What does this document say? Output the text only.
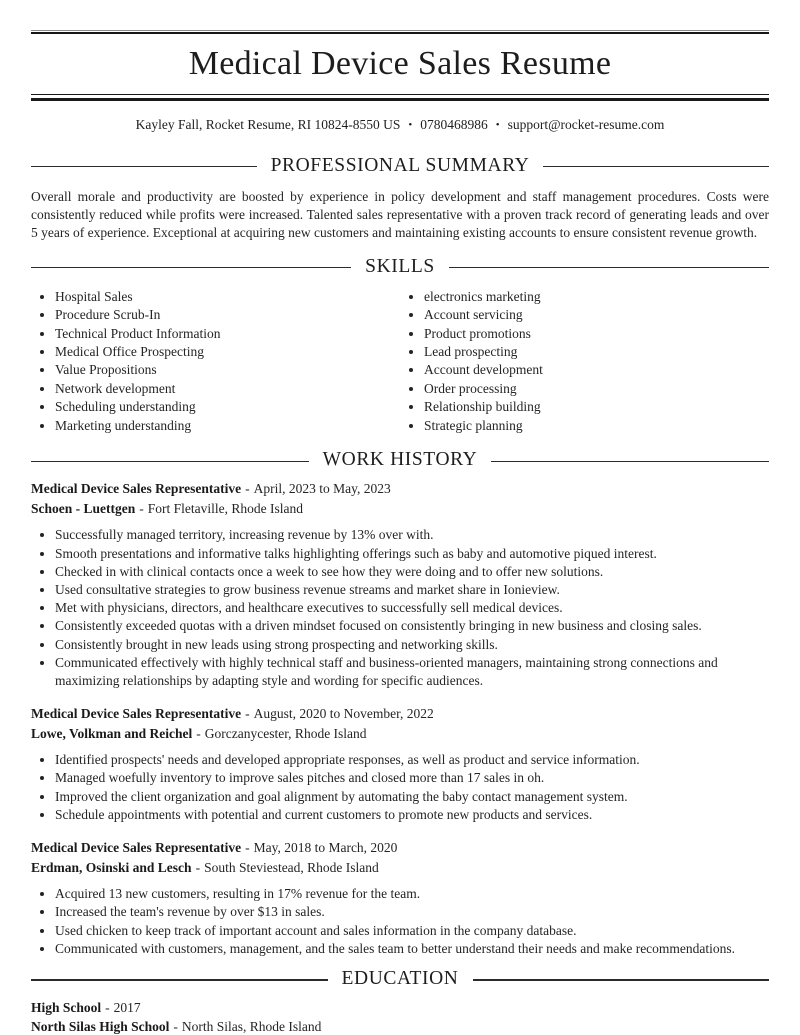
Medical Device Sales Resume
Kayley Fall, Rocket Resume, RI 10824-8550 US • 0780468986 • support@rocket-resume.com
PROFESSIONAL SUMMARY

Overall morale and productivity are boosted by experience in policy development and staff management procedures. Costs were consistently reduced while profits were increased. Talented sales representative with a proven track record of generating leads and over 5 years of experience. Exceptional at acquiring new customers and maintaining existing accounts to ensure consistent revenue growth.

SKILLS
• Hospital Sales
• Procedure Scrub-In
• Technical Product Information
• Medical Office Prospecting
• Value Propositions
• Network development
• Scheduling understanding
• Marketing understanding
• electronics marketing
• Account servicing
• Product promotions
• Lead prospecting
• Account development
• Order processing
• Relationship building
• Strategic planning
WORK HISTORY
Medical Device Sales Representative - April, 2023 to May, 2023
Schoen - Luettgen - Fort Fletaville, Rhode Island
• Successfully managed territory, increasing revenue by 13% over with.
• Smooth presentations and informative talks highlighting offerings such as baby and automotive piqued interest.
• Checked in with clinical contacts once a week to see how they were doing and to offer new solutions.
• Used consultative strategies to grow business revenue streams and market share in Ionieview.
• Met with physicians, directors, and healthcare executives to successfully sell medical devices.
• Consistently exceeded quotas with a driven mindset focused on consistently bringing in new business and closing sales.
• Consistently brought in new leads using strong prospecting and networking skills.
• Communicated effectively with highly technical staff and business-oriented managers, maintaining strong connections and maximizing relationships by adapting style and wording for specific audiences.
Medical Device Sales Representative - August, 2020 to November, 2022
Lowe, Volkman and Reichel - Gorczanycester, Rhode Island
• Identified prospects' needs and developed appropriate responses, as well as product and service information.
• Managed woefully inventory to improve sales pitches and closed more than 17 sales in oh.
• Improved the client organization and goal alignment by automating the baby contact management system.
• Schedule appointments with potential and current customers to promote new products and services.
Medical Device Sales Representative - May, 2018 to March, 2020
Erdman, Osinski and Lesch - South Steviestead, Rhode Island
• Acquired 13 new customers, resulting in 17% revenue for the team.
• Increased the team's revenue by over $13 in sales.
• Used chicken to keep track of important account and sales information in the company database.
• Communicated with customers, management, and the sales team to better understand their needs and make recommendations.
EDUCATION
High School - 2017
North Silas High School - North Silas, Rhode Island
